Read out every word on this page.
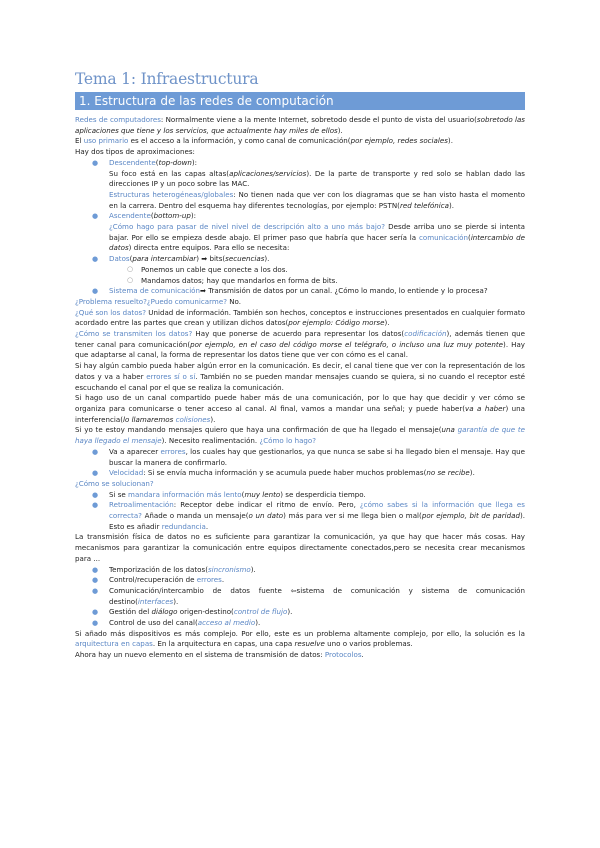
Tema 1: Infraestructura
1. Estructura de las redes de computación

Redes de computadores: Normalmente viene a la mente Internet, sobretodo desde el punto de vista del usuario(sobretodo las aplicaciones que tiene y los servicios, que actualmente hay miles de ellos).

El uso primario es el acceso a la información, y como canal de comunicación(por ejemplo, redes sociales).

Hay dos tipos de aproximaciones:

● Descendente(top-down):

Su foco está en las capas altas(aplicaciones/servicios). De la parte de transporte y red solo se hablan dado las direcciones IP y un poco sobre las MAC.

Estructuras heterogéneas/globales: No tienen nada que ver con los diagramas que se han visto hasta el momento en la carrera. Dentro del esquema hay diferentes tecnologías, por ejemplo: PSTN(red telefónica).

● Ascendente(bottom-up):

¿Cómo hago para pasar de nivel nivel de descripción alto a uno más bajo? Desde arriba uno se pierde si intenta bajar. Por ello se empieza desde abajo. El primer paso que habría que hacer sería la comunicación(intercambio de datos) directa entre equipos. Para ello se necesita:

● Datos(para intercambiar) ➡ bits(secuencias).
○ Ponemos un cable que conecte a los dos.
○ Mandamos datos; hay que mandarlos en forma de bits.
● Sistema de comunicación➡ Transmisión de datos por un canal. ¿Cómo lo mando, lo entiende y lo procesa?

¿Problema resuelto?¿Puedo comunicarme? No.

¿Qué son los datos? Unidad de información. También son hechos, conceptos e instrucciones presentados en cualquier formato acordado entre las partes que crean y utilizan dichos datos(por ejemplo: Código morse).

¿Cómo se transmiten los datos? Hay que ponerse de acuerdo para representar los datos(codificación), además tienen que tener canal para comunicación(por ejemplo, en el caso del código morse el telégrafo, o incluso una luz muy potente). Hay que adaptarse al canal, la forma de representar los datos tiene que ver con cómo es el canal.

Si hay algún cambio pueda haber algún error en la comunicación. Es decir, el canal tiene que ver con la representación de los datos y va a haber errores sí o sí. También no se pueden mandar mensajes cuando se quiera, si no cuando el receptor esté escuchando el canal por el que se realiza la comunicación.

Si hago uso de un canal compartido puede haber más de una comunicación, por lo que hay que decidir y ver cómo se organiza para comunicarse o tener acceso al canal. Al final, vamos a mandar una señal; y puede haber(va a haber) una interferencia(lo llamaremos colisiones).

Si yo te estoy mandando mensajes quiero que haya una confirmación de que ha llegado el mensaje(una garantía de que te haya llegado el mensaje). Necesito realimentación. ¿Cómo lo hago?

● Va a aparecer errores, los cuales hay que gestionarlos, ya que nunca se sabe si ha llegado bien el mensaje. Hay que buscar la manera de confirmarlo.
● Velocidad: Si se envía mucha información y se acumula puede haber muchos problemas(no se recibe).

¿Cómo se solucionan?

● Si se mandara información más lento(muy lento) se desperdicia tiempo.
● Retroalimentación: Receptor debe indicar el ritmo de envío. Pero, ¿cómo sabes si la información que llega es correcta? Añade o manda un mensaje(o un dato) más para ver si me llega bien o mal(por ejemplo, bit de paridad). Esto es añadir redundancia.

La transmisión física de datos no es suficiente para garantizar la comunicación, ya que hay que hacer más cosas. Hay mecanismos para garantizar la comunicación entre equipos directamente conectados,pero se necesita crear mecanismos para ...

● Temporización de los datos(sincronismo).
● Control/recuperación de errores.
● Comunicación/intercambio de datos fuente ⇦sistema de comunicación y sistema de comunicación destino(interfaces).
● Gestión del diálogo origen-destino(control de flujo).
● Control de uso del canal(acceso al medio).

Si añado más dispositivos es más complejo. Por ello, este es un problema altamente complejo, por ello, la solución es la arquitectura en capas. En la arquitectura en capas, una capa resuelve uno o varios problemas.

Ahora hay un nuevo elemento en el sistema de transmisión de datos: Protocolos.
